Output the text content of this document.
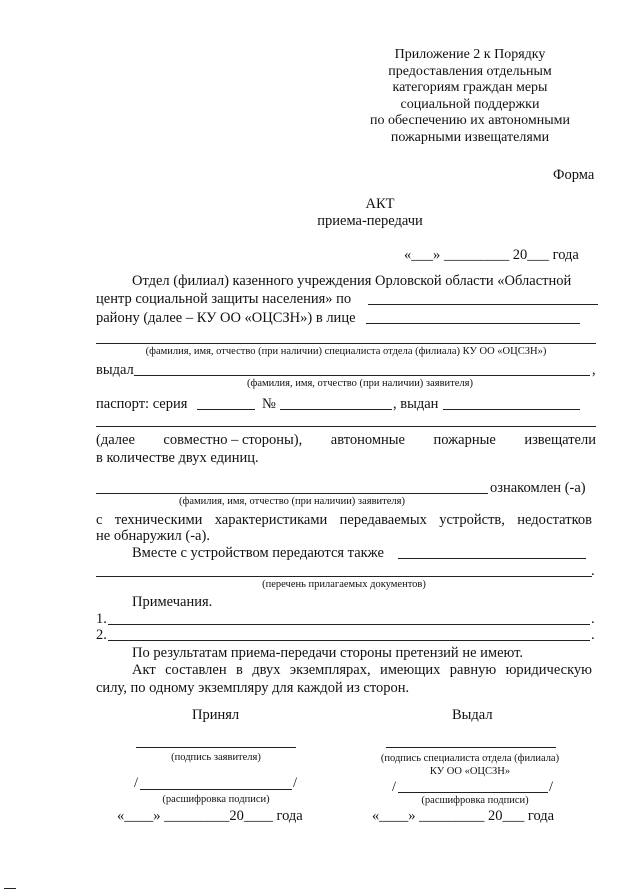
Приложение 2 к Порядку
предоставления отдельным
категориям граждан меры
социальной поддержки
по обеспечению их автономными
пожарными извещателями
Форма
АКТ
приема-передачи
«___» _________ 20___ года
Отдел (филиал) казенного учреждения Орловской области «Областной
центр социальной защиты населения» по
району (далее – КУ ОО «ОЦСЗН») в лице
(фамилия, имя, отчество (при наличии) специалиста отдела (филиала) КУ ОО «ОЦСЗН»)
выдал	,
(фамилия, имя, отчество (при наличии) заявителя)
паспорт: серия	№	, выдан
(далее совместно – стороны), автономные пожарные извещатели
в количестве двух единиц.
ознакомлен (-а)
(фамилия, имя, отчество (при наличии) заявителя)
с техническими характеристиками передаваемых устройств, недостатков
не обнаружил (-а).
Вместе с устройством передаются также
.
(перечень прилагаемых документов)
Примечания.
1.	.
2.	.
По результатам приема-передачи стороны претензий не имеют.
Акт составлен в двух экземплярах, имеющих равную юридическую
силу, по одному экземпляру для каждой из сторон.
Принял
(подпись заявителя)
/	/
(расшифровка подписи)
«____» _________20____ года
Выдал
(подпись специалиста отдела (филиала)
КУ ОО «ОЦСЗН»
/	/
(расшифровка подписи)
«____» _________ 20___ года
